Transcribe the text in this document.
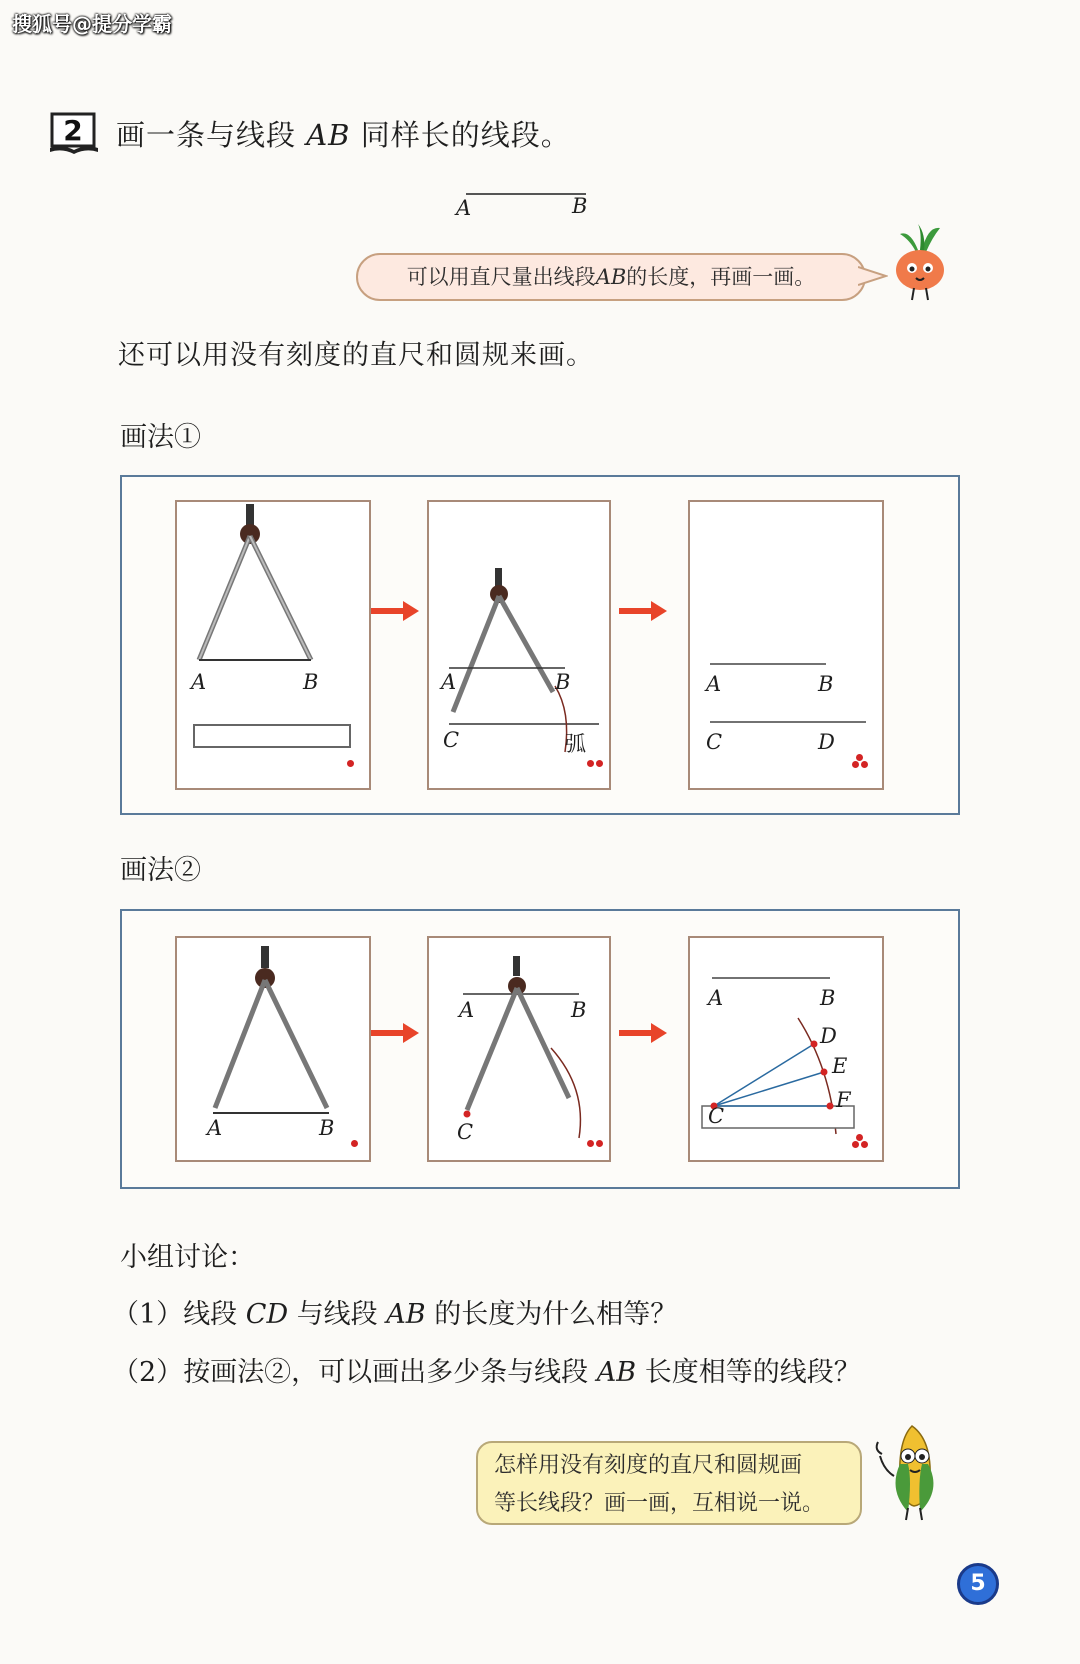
搜狐号@提分学霸
2 画一条与线段 AB 同样长的线段。
A	B
可以用直尺量出线段AB的长度，再画一画。
还可以用没有刻度的直尺和圆规来画。
画法①
A	B	A	B
C	弧
A	B
C	D
画法②
A	B
A	B
C
A	B
C
D
E
F
小组讨论：
（1）线段 CD 与线段 AB 的长度为什么相等？
（2）按画法②，可以画出多少条与线段 AB 长度相等的线段？
怎样用没有刻度的直尺和圆规画
等长线段？画一画，互相说一说。
5
